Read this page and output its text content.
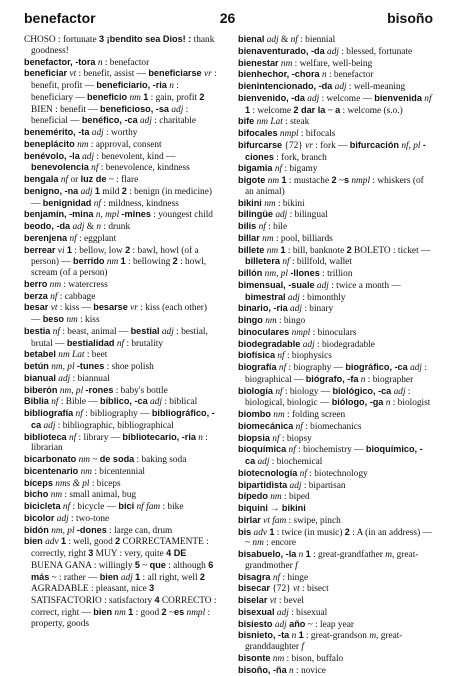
benefactor	26	bisoño

CHOSO : fortunate 3 ¡bendito sea Dios! : thank goodness!

benefactor, -tora n : benefactor

beneficiar vt : benefit, assist — beneficiarse vr : benefit, profit — beneficiario, -ria n : beneficiary — beneficio nm 1 : gain, profit 2 BIEN : benefit — beneficioso, -sa adj : beneficial — benéfico, -ca adj : charitable

benemérito, -ta adj : worthy

beneplácito nm : approval, consent

benévolo, -la adj : benevolent, kind — benevolencia nf : benevolence, kindness

bengala nf or luz de ~ : flare

benigno, -na adj 1 mild 2 : benign (in medicine) — benignidad nf : mildness, kindness

benjamín, -mina n, mpl -mines : youngest child

beodo, -da adj & n : drunk

berenjena nf : eggplant

berrear vi 1 : bellow, low 2 : bawl, howl (of a person) — berrido nm 1 : bellowing 2 : howl, scream (of a person)

berro nm : watercress

berza nf : cabbage

besar vt : kiss — besarse vr : kiss (each other) — beso nm : kiss

bestia nf : beast, animal — bestial adj : bestial, brutal — bestialidad nf : brutality

betabel nm Lat : beet

betún nm, pl -tunes : shoe polish

bianual adj : biannual

biberón nm, pl -rones : baby's bottle

Biblia nf : Bible — bíblico, -ca adj : biblical

bibliografía nf : bibliography — bibliográfico, -ca adj : bibliographic, bibliographical

biblioteca nf : library — bibliotecario, -ria n : librarian

bicarbonato nm ~ de soda : baking soda

bicentenario nm : bicentennial

bíceps nms & pl : biceps

bicho nm : small animal, bug

bicicleta nf : bicycle — bici nf fam : bike

bicolor adj : two-tone

bidón nm, pl -dones : large can, drum

bien adv 1 : well, good 2 CORRECTAMENTE : correctly, right 3 MUY : very, quite 4 DE BUENA GANA : willingly 5 ~ que : although 6 más ~ : rather — bien adj 1 : all right, well 2 AGRADABLE : pleasant, nice 3 SATISFACTORIO : satisfactory 4 CORRECTO : correct, right — bien nm 1 : good 2 ~es nmpl : property, goods

bienal adj & nf : biennial

bienaventurado, -da adj : blessed, fortunate

bienestar nm : welfare, well-being

bienhechor, -chora n : benefactor

bienintencionado, -da adj : well-meaning

bienvenido, -da adj : welcome — bienvenida nf 1 : welcome 2 dar la ~ a : welcome (s.o.)

bife nm Lat : steak

bifocales nmpl : bifocals

bifurcarse {72} vr : fork — bifurcación nf, pl -ciones : fork, branch

bigamia nf : bigamy

bigote nm 1 : mustache 2 ~s nmpl : whiskers (of an animal)

bikini nm : bikini

bilingüe adj : bilingual

bilis nf : bile

billar nm : pool, billiards

billete nm 1 : bill, banknote 2 BOLETO : ticket — billetera nf : billfold, wallet

billón nm, pl -llones : trillion

bimensual, -suale adj : twice a month — bimestral adj : bimonthly

binario, -ria adj : binary

bingo nm : bingo

binoculares nmpl : binoculars

biodegradable adj : biodegradable

biofísica nf : biophysics

biografía nf : biography — biográfico, -ca adj : biographical — biógrafo, -fa n : biographer

biología nf : biology — biológico, -ca adj : biological, biologic — biólogo, -ga n : biologist

biombo nm : folding screen

biomecánica nf : biomechanics

biopsia nf : biopsy

bioquímica nf : biochemistry — bioquímico, -ca adj : biochemical

biotecnología nf : biotechnology

bipartidista adj : bipartisan

bípedo nm : biped

biquini → bikini

birlar vt fam : swipe, pinch

bis adv 1 : twice (in music) 2 : A (in an address) — ~ nm : encore

bisabuelo, -la n 1 : great-grandfather m, great-grandmother f

bisagra nf : hinge

bisecar {72} vt : bisect

biselar vt : bevel

bisexual adj : bisexual

bisiesto adj año ~ : leap year

bisnieto, -ta n 1 : great-grandson m, great-granddaughter f

bisonte nm : bison, buffalo

bisoño, -ña n : novice
